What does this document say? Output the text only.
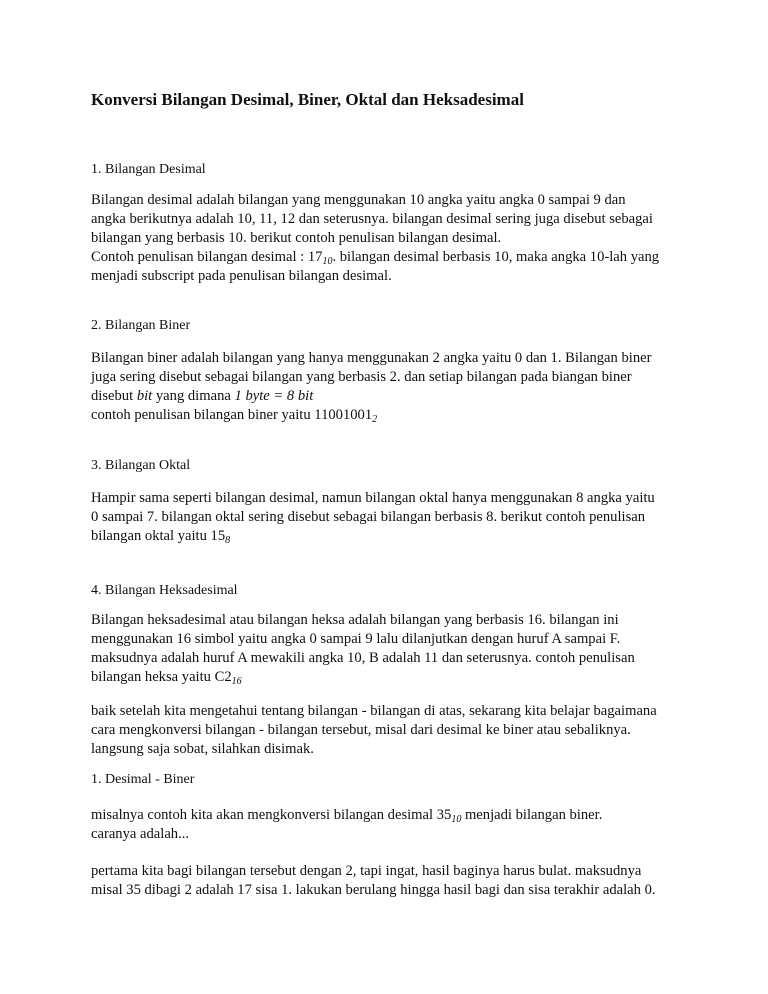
Konversi Bilangan Desimal, Biner, Oktal dan Heksadesimal

1. Bilangan Desimal

Bilangan desimal adalah bilangan yang menggunakan 10 angka yaitu angka 0 sampai 9 dan
angka berikutnya adalah 10, 11, 12 dan seterusnya. bilangan desimal sering juga disebut sebagai
bilangan yang berbasis 10. berikut contoh penulisan bilangan desimal.
Contoh penulisan bilangan desimal : $17_{10}$. bilangan desimal berbasis 10, maka angka 10-lah yang
menjadi subscript pada penulisan bilangan desimal.

2. Bilangan Biner

Bilangan biner adalah bilangan yang hanya menggunakan 2 angka yaitu 0 dan 1. Bilangan biner
juga sering disebut sebagai bilangan yang berbasis 2. dan setiap bilangan pada biangan biner
disebut bit yang dimana 1 byte = 8 bit
contoh penulisan bilangan biner yaitu $11001001_2$

3. Bilangan Oktal

Hampir sama seperti bilangan desimal, namun bilangan oktal hanya menggunakan 8 angka yaitu
0 sampai 7. bilangan oktal sering disebut sebagai bilangan berbasis 8. berikut contoh penulisan
bilangan oktal yaitu $15_8$

4. Bilangan Heksadesimal

Bilangan heksadesimal atau bilangan heksa adalah bilangan yang berbasis 16. bilangan ini
menggunakan 16 simbol yaitu angka 0 sampai 9 lalu dilanjutkan dengan huruf A sampai F.
maksudnya adalah huruf A mewakili angka 10, B adalah 11 dan seterusnya. contoh penulisan
bilangan heksa yaitu $C2_{16}$

baik setelah kita mengetahui tentang bilangan - bilangan di atas, sekarang kita belajar bagaimana
cara mengkonversi bilangan - bilangan tersebut, misal dari desimal ke biner atau sebaliknya.
langsung saja sobat, silahkan disimak.

1. Desimal - Biner

misalnya contoh kita akan mengkonversi bilangan desimal $35_{10}$ menjadi bilangan biner.
caranya adalah...

pertama kita bagi bilangan tersebut dengan 2, tapi ingat, hasil baginya harus bulat. maksudnya
misal 35 dibagi 2 adalah 17 sisa 1. lakukan berulang hingga hasil bagi dan sisa terakhir adalah 0.
